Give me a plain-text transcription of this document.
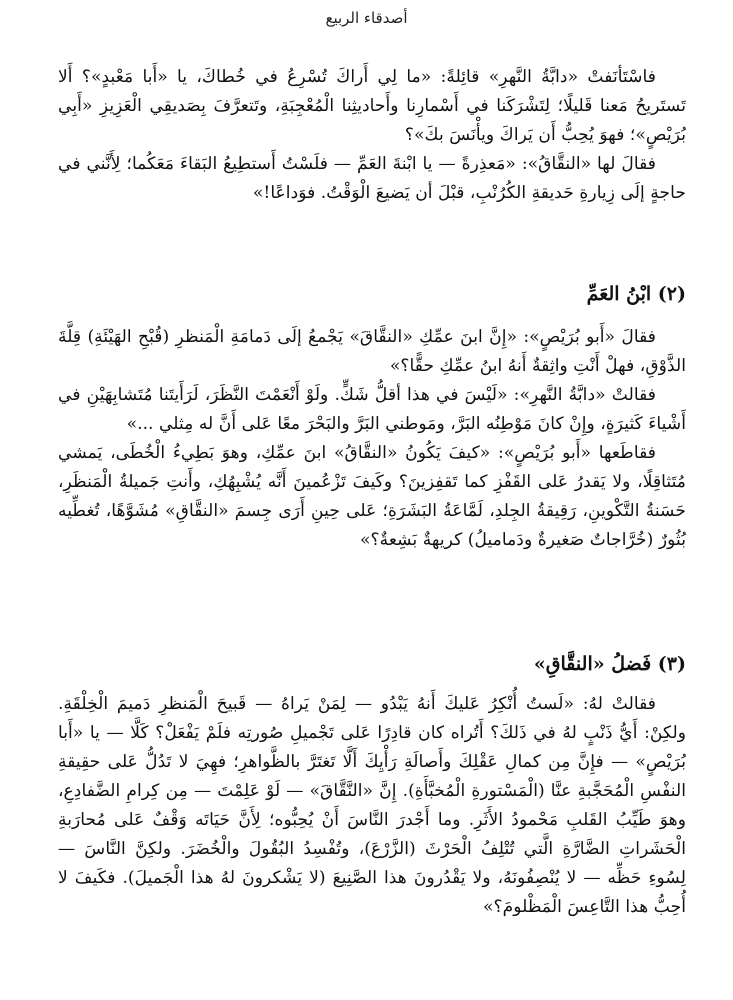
أصدقاء الربيع

فاسْتَأنَفتْ «دابَّةُ النَّهرِ» قائِلةً: «ما لِي أَراكَ تُسْرِعُ في خُطاكَ، يا «أَبا مَعْبدٍ»؟ أَلا تَستَريحُ مَعنا قَليلًا؛ لِتَشْرَكَنا في أَسْمارِنا وأَحاديثِنا الْمُعْجِبَةِ، وتَتعرَّفَ بِصَديقِي الْعَزِيزِ «أَبِي بُرَيْصٍ»؛ فهوَ يُحِبُّ أَن يَراكَ ويأْنَسَ بكَ»؟

فقالَ لها «النقَّاقُ»: «مَعذِرةً — يا ابْنةَ العَمِّ — فلَسْتُ أَستطِيعُ البَقاءَ مَعَكُما؛ لِأَنَّني في حاجةٍ إلَى زِيارةِ حَديقةِ الكُرُنْبِ، قبْلَ أن يَضيعَ الْوَقْتُ. فوَداعًا!»

(٢) ابْنُ العَمِّ

فقالَ «أَبو بُرَيْصٍ»: «إِنَّ ابنَ عمِّكِ «النقَّاقَ» يَجْمعُ إلَى دَمامَةِ الْمَنظرِ (قُبْحِ الهَيْئَةِ) قِلَّةَ الذَّوْقِ، فهلْ أَنْتِ واثِقةٌ أَنهُ ابنُ عمِّكِ حقًّا؟»

فقالتْ «دابَّةُ النَّهرِ»: «لَيْسَ في هذا أقلُّ شَكٍّ. ولَوْ أَنْعَمْتَ النَّظَرَ، لَرَأَيتَنا مُتَشابِهَيْنِ في أَشْياءَ كَثيرَةٍ، وإِنْ كانَ مَوْطِنُه البَرَّ، ومَوطني البَرَّ والبَحْرَ معًا عَلى أَنَّ له مِثلي ...»

فقاطَعها «أَبو بُرَيْصٍ»: «كيفَ يَكُونُ «النقَّاقُ» ابنَ عمِّكِ، وهوَ بَطِيءُ الْخُطَى، يَمشي مُتَثاقِلًا، ولا يَقدرُ عَلى القَفْزِ كما تَقفِزينَ؟ وكَيفَ تَزْعُمينَ أَنَّه يُشْبِهُكِ، وأَنتِ جَميلةُ الْمَنظَرِ، حَسَنةُ التَّكْوينِ، رَقِيقةُ الجِلدِ، لَمَّاعَةُ البَشَرَةِ؛ عَلى حِينِ أَرَى جِسمَ «النقَّاقِ» مُشَوَّهًا، تُغطِّيه بُثُورٌ (خُرَّاجاتٌ صَغيرةٌ ودَماميلُ) كريهةٌ بَشِعةٌ؟»

(٣) فَضلُ «النقَّاقِ»

فقالتْ لهُ: «لَستُ أُنْكِرُ عَليكَ أَنهُ يَبْدُو — لِمَنْ يَراهُ — قَبيحَ الْمَنظرِ دَميمَ الْخِلْقَةِ. ولكِنْ: أَيُّ ذَنْبٍ لهُ في ذَلكَ؟ أَتُراه كان قادِرًا عَلى تَجْميلِ صُورتِه فلَمْ يَفْعَلْ؟ كَلَّا — يا «أَبا بُرَيْصٍ» — فإِنَّ مِن كمالِ عَقْلِكَ وأَصالَةِ رَأْيِكَ أَلَّا تَغتَرَّ بالظَّواهرِ؛ فهِيَ لا تَدُلُّ عَلى حقِيقةِ النفْسِ الْمُحَجَّبةِ عنَّا (الْمَسْتورةِ الْمُخبَّأَةِ). إِنَّ «النَّقَّاقَ» — لَوْ عَلِمْتَ — مِن كِرامِ الضَّفادِعِ، وهوَ طَيِّبُ القَلبِ مَحْمودُ الأَثَرِ. وما أَجْدرَ النَّاسَ أَنْ يُحِبُّوه؛ لِأَنَّ حَيَاتَه وَقْفٌ عَلى مُحارَبةِ الْحَشَراتِ الضَّارَّةِ الَّتي تُتْلِفُ الْحَرْثَ (الزَّرْعَ)، وتُفْسِدُ البُقُولَ والْخُضَرَ. ولكِنَّ النَّاسَ — لِسُوءِ حَظِّه — لا يُنْصِفُونَهُ، ولا يَقْدُرونَ هذا الصَّنِيعَ (لا يَشْكرونَ لهُ هذا الْجَميلَ). فكَيفَ لا أُحِبُّ هذا التَّاعِسَ الْمَظْلومَ؟»
